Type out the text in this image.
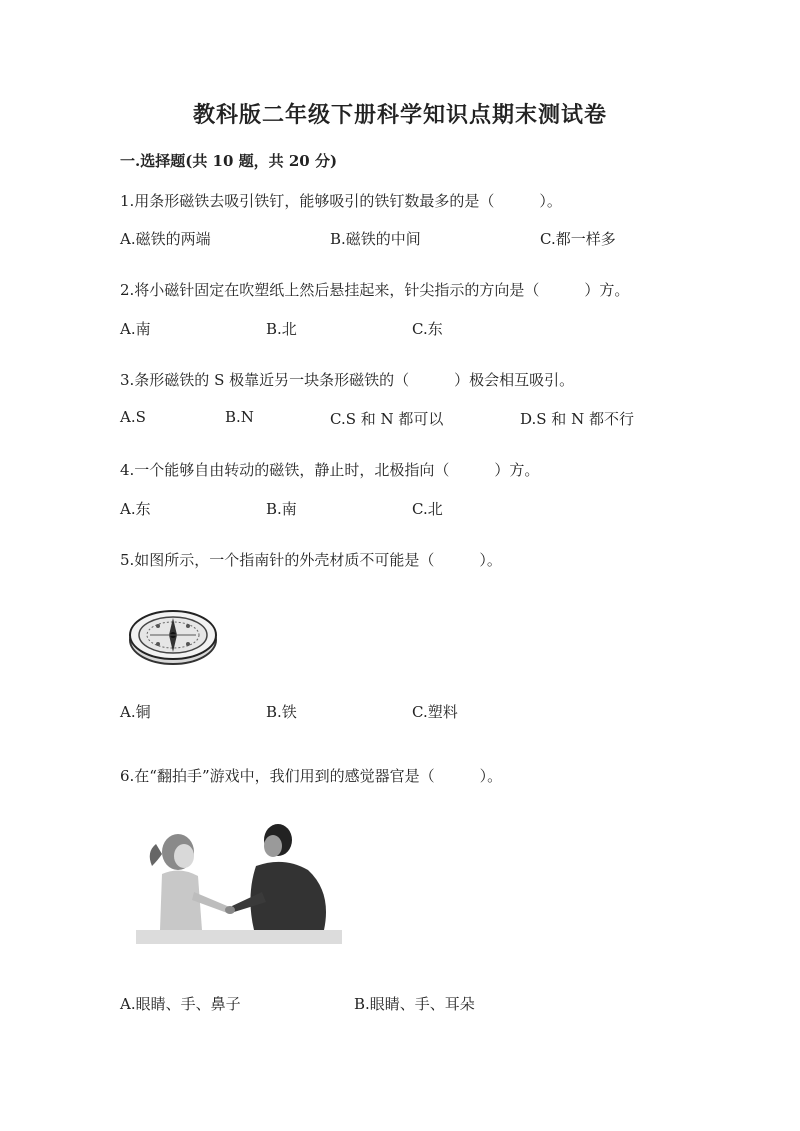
教科版二年级下册科学知识点期末测试卷
一.选择题(共 10 题，共 20 分)
1.用条形磁铁去吸引铁钉，能够吸引的铁钉数最多的是（　　　）。
A.磁铁的两端	B.磁铁的中间	C.都一样多
2.将小磁针固定在吹塑纸上然后悬挂起来，针尖指示的方向是（　　　）方。
A.南	B.北	C.东
3.条形磁铁的 S 极靠近另一块条形磁铁的（　　　）极会相互吸引。
A.S	B.N	C.S 和 N 都可以	D.S 和 N 都不行
4.一个能够自由转动的磁铁，静止时，北极指向（　　　）方。
A.东	B.南	C.北
5.如图所示，一个指南针的外壳材质不可能是（　　　）。
A.铜	B.铁	C.塑料
6.在“翻拍手”游戏中，我们用到的感觉器官是（　　　）。
A.眼睛、手、鼻子	B.眼睛、手、耳朵
